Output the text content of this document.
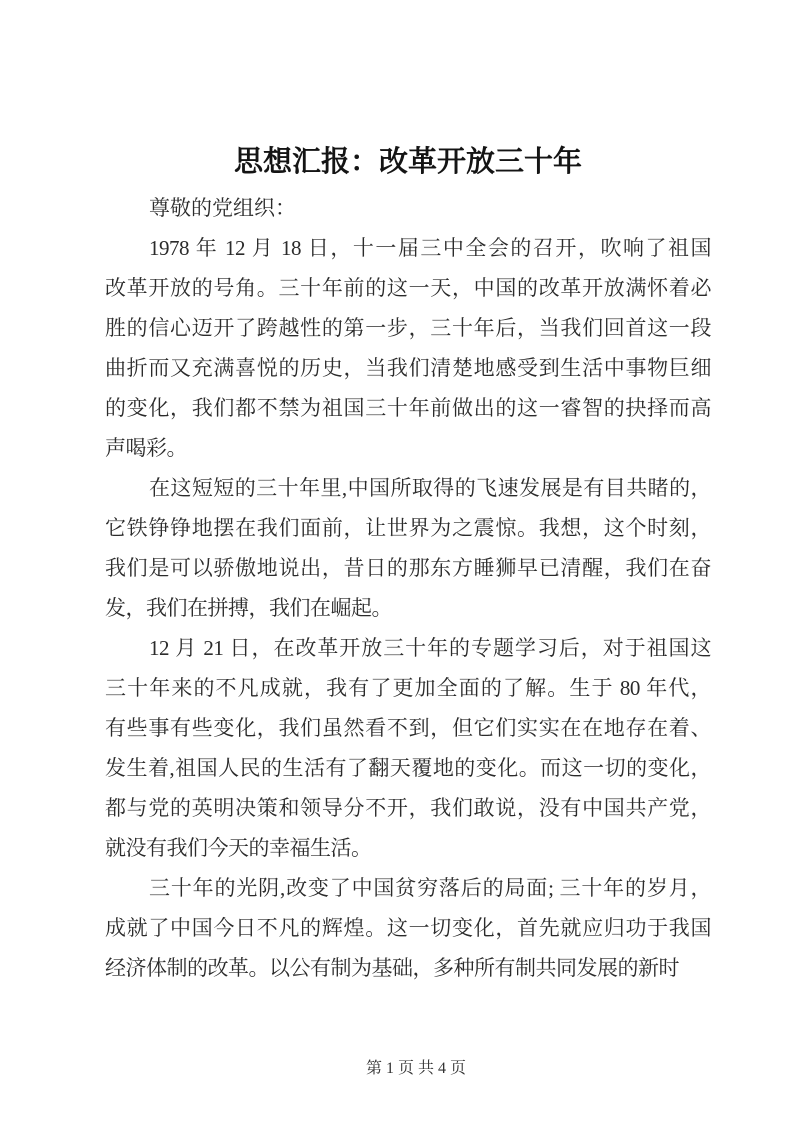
思想汇报：改革开放三十年
尊敬的党组织：
1978 年 12 月 18 日，十一届三中全会的召开，吹响了祖国
改革开放的号角。三十年前的这一天，中国的改革开放满怀着必
胜的信心迈开了跨越性的第一步，三十年后，当我们回首这一段
曲折而又充满喜悦的历史，当我们清楚地感受到生活中事物巨细
的变化，我们都不禁为祖国三十年前做出的这一睿智的抉择而高
声喝彩。
在这短短的三十年里,中国所取得的飞速发展是有目共睹的，
它铁铮铮地摆在我们面前，让世界为之震惊。我想，这个时刻，
我们是可以骄傲地说出，昔日的那东方睡狮早已清醒，我们在奋
发，我们在拼搏，我们在崛起。
12 月 21 日，在改革开放三十年的专题学习后，对于祖国这
三十年来的不凡成就，我有了更加全面的了解。生于 80 年代，
有些事有些变化，我们虽然看不到，但它们实实在在地存在着、
发生着,祖国人民的生活有了翻天覆地的变化。而这一切的变化，
都与党的英明决策和领导分不开，我们敢说，没有中国共产党，
就没有我们今天的幸福生活。
三十年的光阴,改变了中国贫穷落后的局面; 三十年的岁月，
成就了中国今日不凡的辉煌。这一切变化，首先就应归功于我国
经济体制的改革。以公有制为基础，多种所有制共同发展的新时

第 1 页 共 4 页
